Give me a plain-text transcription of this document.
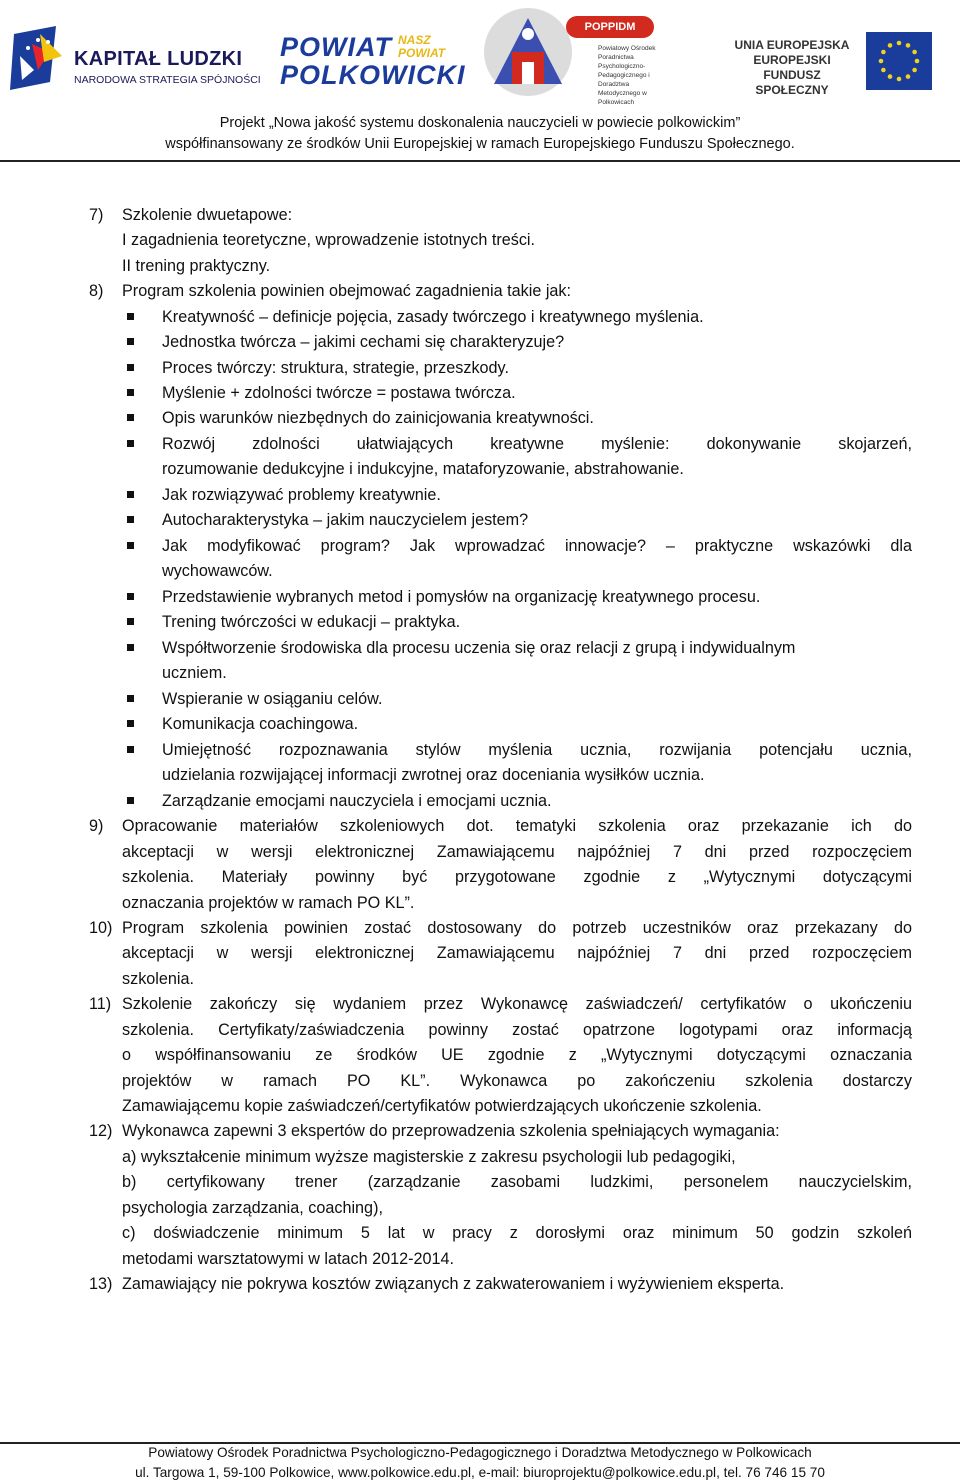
KAPITAŁ LUDZKI
NARODOWA STRATEGIA SPÓJNOŚCI
POWIAT
POLKOWICKI
NASZ
POWIAT
POPPIDM
Powiatowy Ośrodek Poradnictwa Psychologiczno-Pedagogicznego i Doradztwa Metodycznego w Polkowicach
UNIA EUROPEJSKA
EUROPEJSKI
FUNDUSZ SPOŁECZNY
Projekt „Nowa jakość systemu doskonalenia nauczycieli w powiecie polkowickim”
współfinansowany ze środków Unii Europejskiej w ramach Europejskiego Funduszu Społecznego.
7) Szkolenie dwuetapowe:
I zagadnienia teoretyczne, wprowadzenie istotnych treści.
II trening praktyczny.
8) Program szkolenia powinien obejmować zagadnienia takie jak:
Kreatywność – definicje pojęcia, zasady twórczego i kreatywnego myślenia.
Jednostka twórcza – jakimi cechami się charakteryzuje?
Proces twórczy: struktura, strategie, przeszkody.
Myślenie + zdolności twórcze = postawa twórcza.
Opis warunków niezbędnych do zainicjowania kreatywności.
Rozwój zdolności ułatwiających kreatywne myślenie: dokonywanie skojarzeń,
rozumowanie dedukcyjne i indukcyjne, mataforyzowanie, abstrahowanie.
Jak rozwiązywać problemy kreatywnie.
Autocharakterystyka – jakim nauczycielem jestem?
Jak modyfikować program? Jak wprowadzać innowacje? – praktyczne wskazówki dla
wychowawców.
Przedstawienie wybranych metod i pomysłów na organizację kreatywnego procesu.
Trening twórczości w edukacji – praktyka.
Współtworzenie środowiska dla procesu uczenia się oraz relacji z grupą i indywidualnym
uczniem.
Wspieranie w osiąganiu celów.
Komunikacja coachingowa.
Umiejętność rozpoznawania stylów myślenia ucznia, rozwijania potencjału ucznia,
udzielania rozwijającej informacji zwrotnej oraz doceniania wysiłków ucznia.
Zarządzanie emocjami nauczyciela i emocjami ucznia.
9) Opracowanie materiałów szkoleniowych dot. tematyki szkolenia oraz przekazanie ich do
akceptacji w wersji elektronicznej Zamawiającemu najpóźniej 7 dni przed rozpoczęciem
szkolenia. Materiały powinny być przygotowane zgodnie z „Wytycznymi dotyczącymi
oznaczania projektów w ramach PO KL”.
10) Program szkolenia powinien zostać dostosowany do potrzeb uczestników oraz przekazany do
akceptacji w wersji elektronicznej Zamawiającemu najpóźniej 7 dni przed rozpoczęciem
szkolenia.
11) Szkolenie zakończy się wydaniem przez Wykonawcę zaświadczeń/ certyfikatów o ukończeniu
szkolenia. Certyfikaty/zaświadczenia powinny zostać opatrzone logotypami oraz informacją
o współfinansowaniu ze środków UE zgodnie z „Wytycznymi dotyczącymi oznaczania
projektów w ramach PO KL”. Wykonawca po zakończeniu szkolenia dostarczy
Zamawiającemu kopie zaświadczeń/certyfikatów potwierdzających ukończenie szkolenia.
12) Wykonawca zapewni 3 ekspertów do przeprowadzenia szkolenia spełniających wymagania:
a) wykształcenie minimum wyższe magisterskie z zakresu psychologii lub pedagogiki,
b) certyfikowany trener (zarządzanie zasobami ludzkimi, personelem nauczycielskim,
psychologia zarządzania, coaching),
c) doświadczenie minimum 5 lat w pracy z dorosłymi oraz minimum 50 godzin szkoleń
metodami warsztatowymi w latach 2012-2014.
13) Zamawiający nie pokrywa kosztów związanych z zakwaterowaniem i wyżywieniem eksperta.
Powiatowy Ośrodek Poradnictwa Psychologiczno-Pedagogicznego i Doradztwa Metodycznego w Polkowicach
ul. Targowa 1, 59-100 Polkowice, www.polkowice.edu.pl, e-mail: biuroprojektu@polkowice.edu.pl, tel. 76 746 15 70
